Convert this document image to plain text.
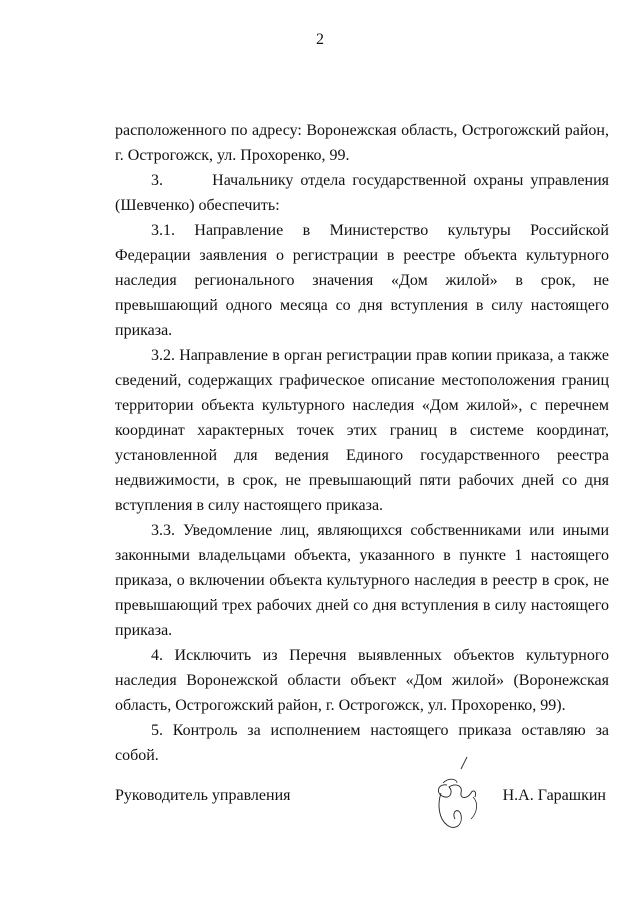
2

расположенного по адресу: Воронежская область, Острогожский район, г. Острогожск, ул. Прохоренко, 99.

3.       Начальнику отдела государственной охраны управления (Шевченко) обеспечить:

3.1. Направление в Министерство культуры Российской Федерации заявления о регистрации в реестре объекта культурного наследия регионального значения «Дом жилой» в срок, не превышающий одного месяца со дня вступления в силу настоящего приказа.

3.2. Направление в орган регистрации прав копии приказа, а также сведений, содержащих графическое описание местоположения границ территории объекта культурного наследия «Дом жилой», с перечнем координат характерных точек этих границ в системе координат, установленной для ведения Единого государственного реестра недвижимости, в срок, не превышающий пяти рабочих дней со дня вступления в силу настоящего приказа.

3.3. Уведомление лиц, являющихся собственниками или иными законными владельцами объекта, указанного в пункте 1 настоящего приказа, о включении объекта культурного наследия в реестр в срок, не превышающий трех рабочих дней со дня вступления в силу настоящего приказа.

4. Исключить из Перечня выявленных объектов культурного наследия Воронежской области объект «Дом жилой» (Воронежская область, Острогожский район, г. Острогожск, ул. Прохоренко, 99).

5. Контроль за исполнением настоящего приказа оставляю за собой.

Руководитель управления	Н.А. Гарашкин
